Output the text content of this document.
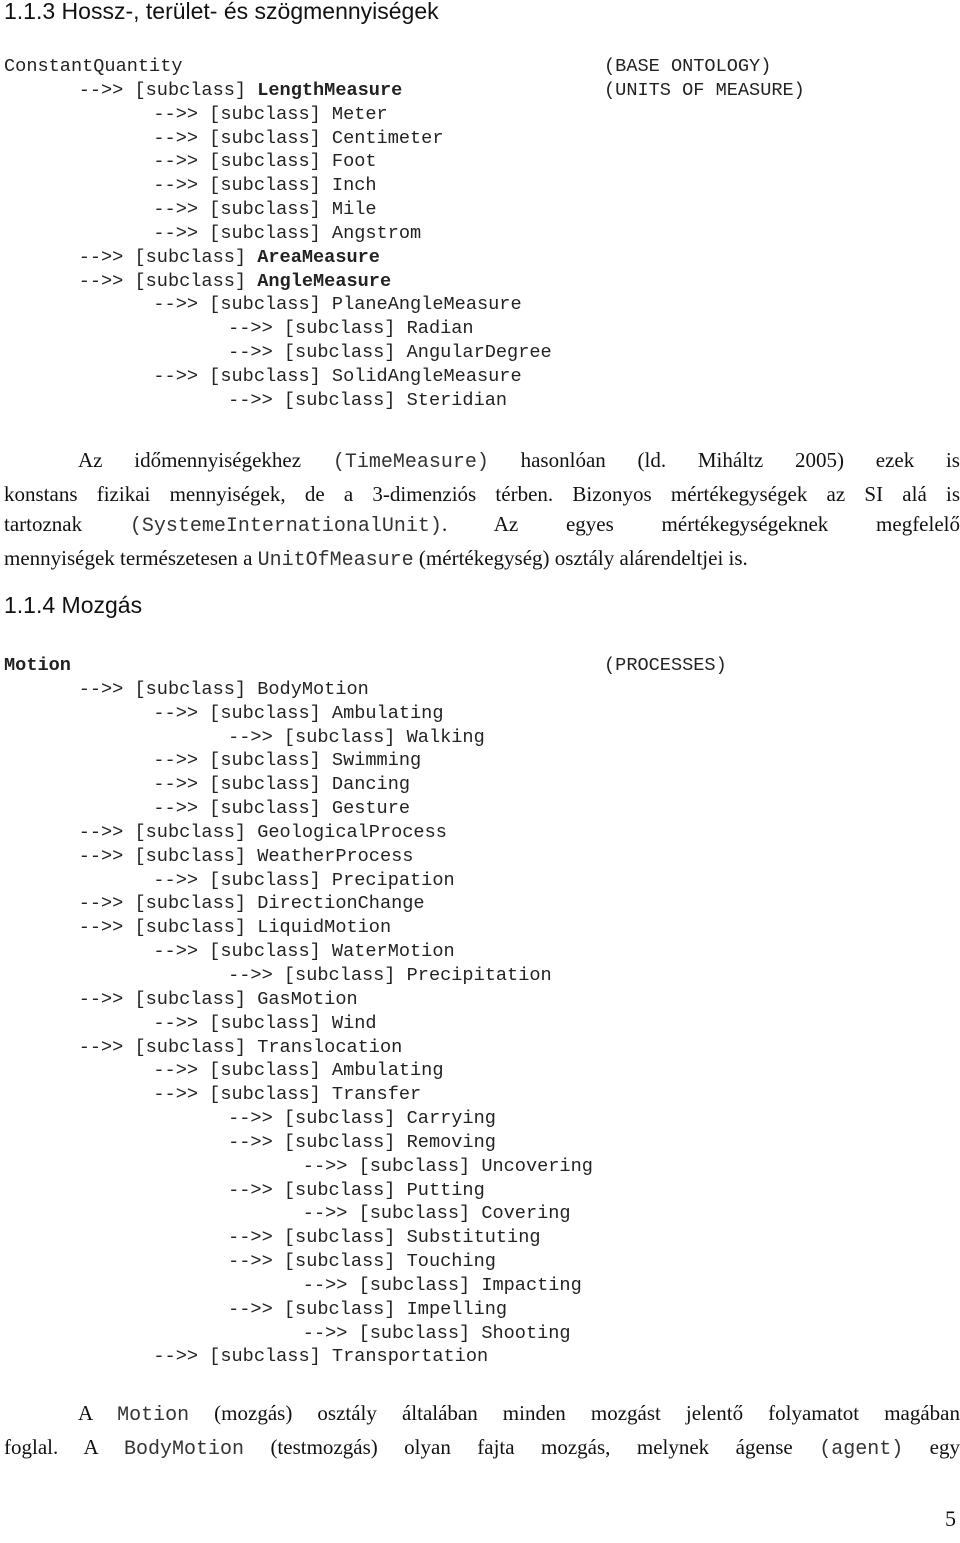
1.1.3 Hossz-, terület- és szögmennyiségek
ConstantQuantity	(BASE ONTOLOGY)
-->> [subclass] LengthMeasure	(UNITS OF MEASURE)
-->> [subclass] Meter
-->> [subclass] Centimeter
-->> [subclass] Foot
-->> [subclass] Inch
-->> [subclass] Mile
-->> [subclass] Angstrom
-->> [subclass] AreaMeasure
-->> [subclass] AngleMeasure
-->> [subclass] PlaneAngleMeasure
-->> [subclass] Radian
-->> [subclass] AngularDegree
-->> [subclass] SolidAngleMeasure
-->> [subclass] Steridian
Az időmennyiségekhez (TimeMeasure) hasonlóan (ld. Miháltz 2005) ezek is
konstans fizikai mennyiségek, de a 3-dimenziós térben. Bizonyos mértékegységek az SI alá is
tartoznak (SystemeInternationalUnit). Az egyes mértékegységeknek megfelelő
mennyiségek természetesen a UnitOfMeasure (mértékegység) osztály alárendeltjei is.
1.1.4 Mozgás
Motion	(PROCESSES)
-->> [subclass] BodyMotion
-->> [subclass] Ambulating
-->> [subclass] Walking
-->> [subclass] Swimming
-->> [subclass] Dancing
-->> [subclass] Gesture
-->> [subclass] GeologicalProcess
-->> [subclass] WeatherProcess
-->> [subclass] Precipation
-->> [subclass] DirectionChange
-->> [subclass] LiquidMotion
-->> [subclass] WaterMotion
-->> [subclass] Precipitation
-->> [subclass] GasMotion
-->> [subclass] Wind
-->> [subclass] Translocation
-->> [subclass] Ambulating
-->> [subclass] Transfer
-->> [subclass] Carrying
-->> [subclass] Removing
-->> [subclass] Uncovering
-->> [subclass] Putting
-->> [subclass] Covering
-->> [subclass] Substituting
-->> [subclass] Touching
-->> [subclass] Impacting
-->> [subclass] Impelling
-->> [subclass] Shooting
-->> [subclass] Transportation
A Motion (mozgás) osztály általában minden mozgást jelentő folyamatot magában
foglal. A BodyMotion (testmozgás) olyan fajta mozgás, melynek ágense (agent) egy
5
